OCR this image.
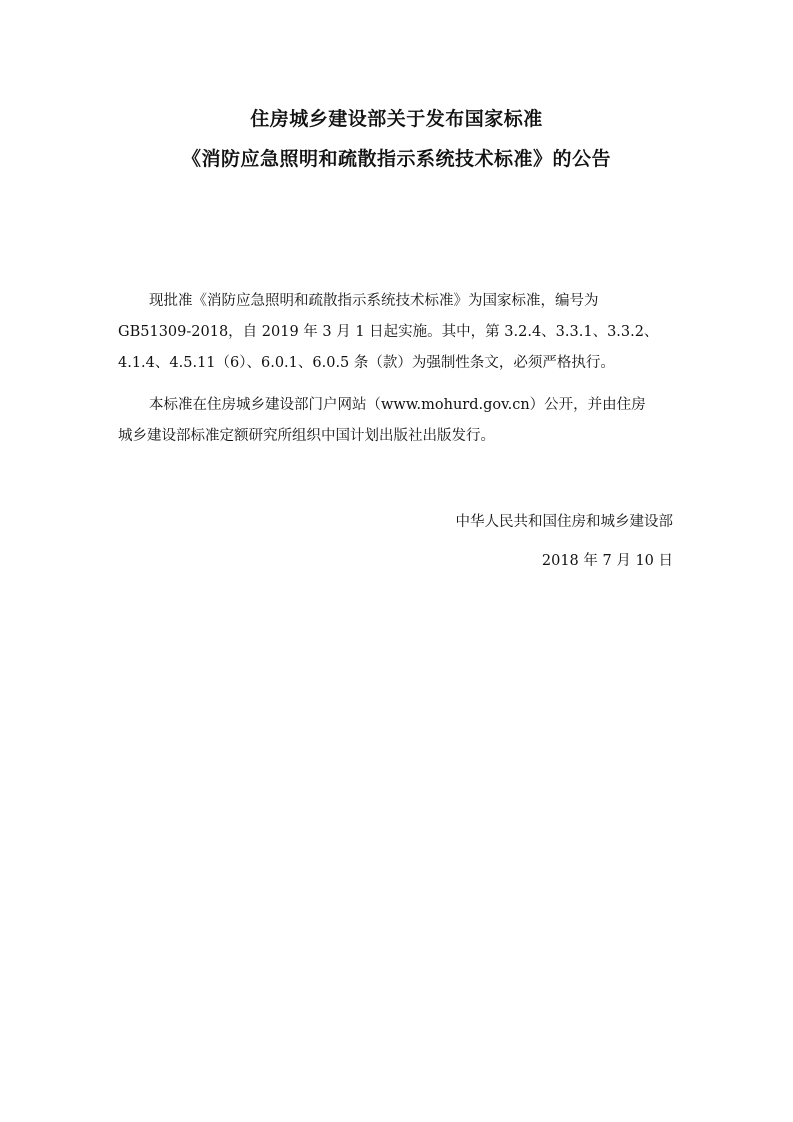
住房城乡建设部关于发布国家标准
《消防应急照明和疏散指示系统技术标准》的公告
现批准《消防应急照明和疏散指示系统技术标准》为国家标准，编号为
GB51309-2018，自 2019 年 3 月 1 日起实施。其中，第 3.2.4、3.3.1、3.3.2、
4.1.4、4.5.11（6）、6.0.1、6.0.5 条（款）为强制性条文，必须严格执行。
本标准在住房城乡建设部门户网站（www.mohurd.gov.cn）公开，并由住房
城乡建设部标准定额研究所组织中国计划出版社出版发行。
中华人民共和国住房和城乡建设部
2018 年 7 月 10 日
